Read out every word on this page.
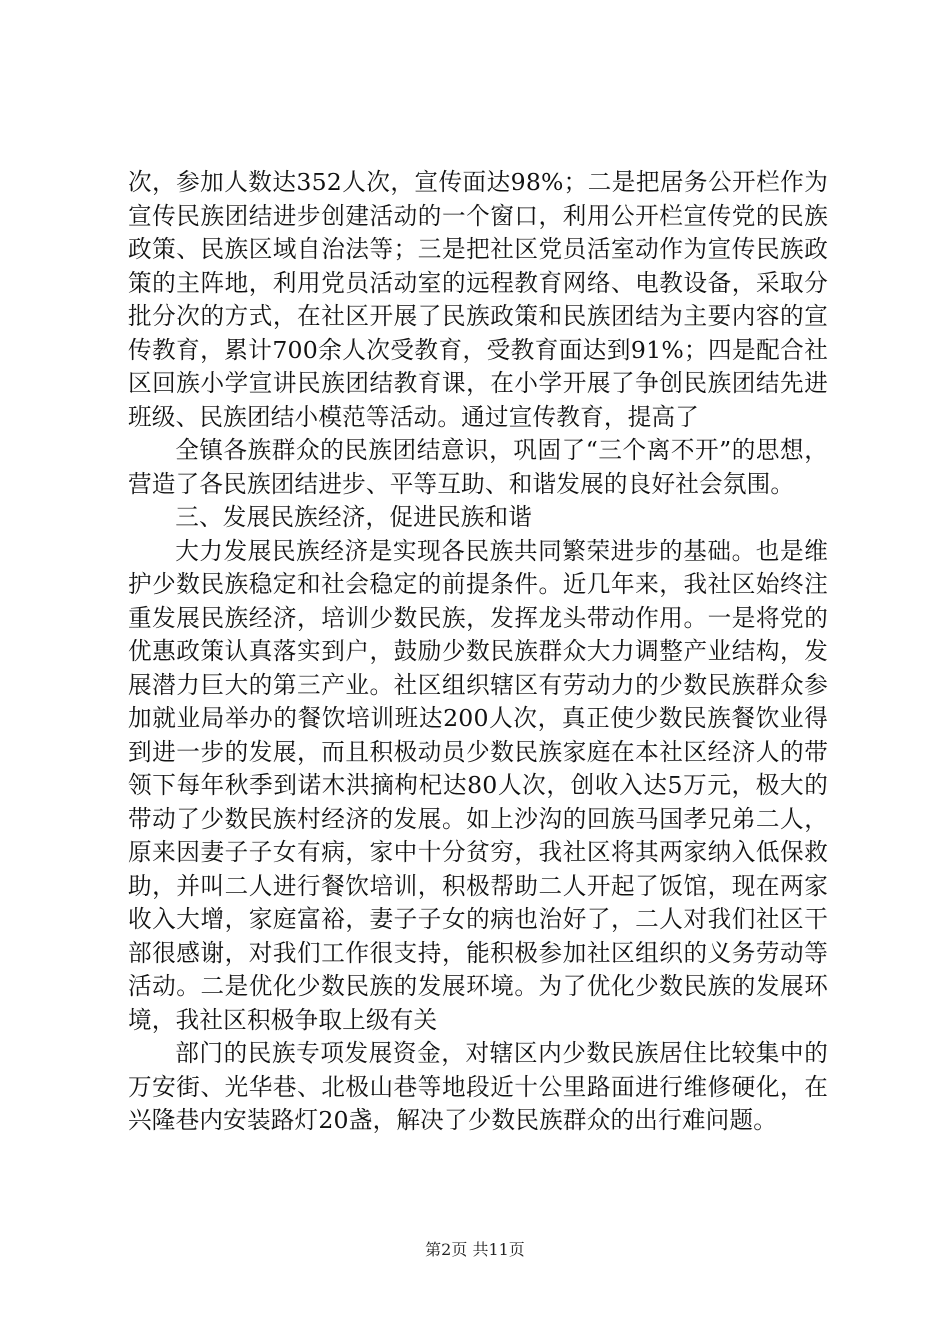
次，参加人数达352人次，宣传面达98%；二是把居务公开栏作为宣传民族团结进步创建活动的一个窗口，利用公开栏宣传党的民族政策、民族区域自治法等；三是把社区党员活室动作为宣传民族政策的主阵地，利用党员活动室的远程教育网络、电教设备，采取分批分次的方式，在社区开展了民族政策和民族团结为主要内容的宣传教育，累计700余人次受教育，受教育面达到91%；四是配合社区回族小学宣讲民族团结教育课，在小学开展了争创民族团结先进班级、民族团结小模范等活动。通过宣传教育，提高了

全镇各族群众的民族团结意识，巩固了“三个离不开”的思想，营造了各民族团结进步、平等互助、和谐发展的良好社会氛围。

三、发展民族经济，促进民族和谐

大力发展民族经济是实现各民族共同繁荣进步的基础。也是维护少数民族稳定和社会稳定的前提条件。近几年来，我社区始终注重发展民族经济，培训少数民族，发挥龙头带动作用。一是将党的优惠政策认真落实到户，鼓励少数民族群众大力调整产业结构，发展潜力巨大的第三产业。社区组织辖区有劳动力的少数民族群众参加就业局举办的餐饮培训班达200人次，真正使少数民族餐饮业得到进一步的发展，而且积极动员少数民族家庭在本社区经济人的带领下每年秋季到诺木洪摘枸杞达80人次，创收入达5万元，极大的带动了少数民族村经济的发展。如上沙沟的回族马国孝兄弟二人，原来因妻子子女有病，家中十分贫穷，我社区将其两家纳入低保救助，并叫二人进行餐饮培训，积极帮助二人开起了饭馆，现在两家收入大增，家庭富裕，妻子子女的病也治好了，二人对我们社区干部很感谢，对我们工作很支持，能积极参加社区组织的义务劳动等活动。二是优化少数民族的发展环境。为了优化少数民族的发展环境，我社区积极争取上级有关

部门的民族专项发展资金，对辖区内少数民族居住比较集中的万安街、光华巷、北极山巷等地段近十公里路面进行维修硬化，在兴隆巷内安装路灯20盏，解决了少数民族群众的出行难问题。

第2页 共11页
